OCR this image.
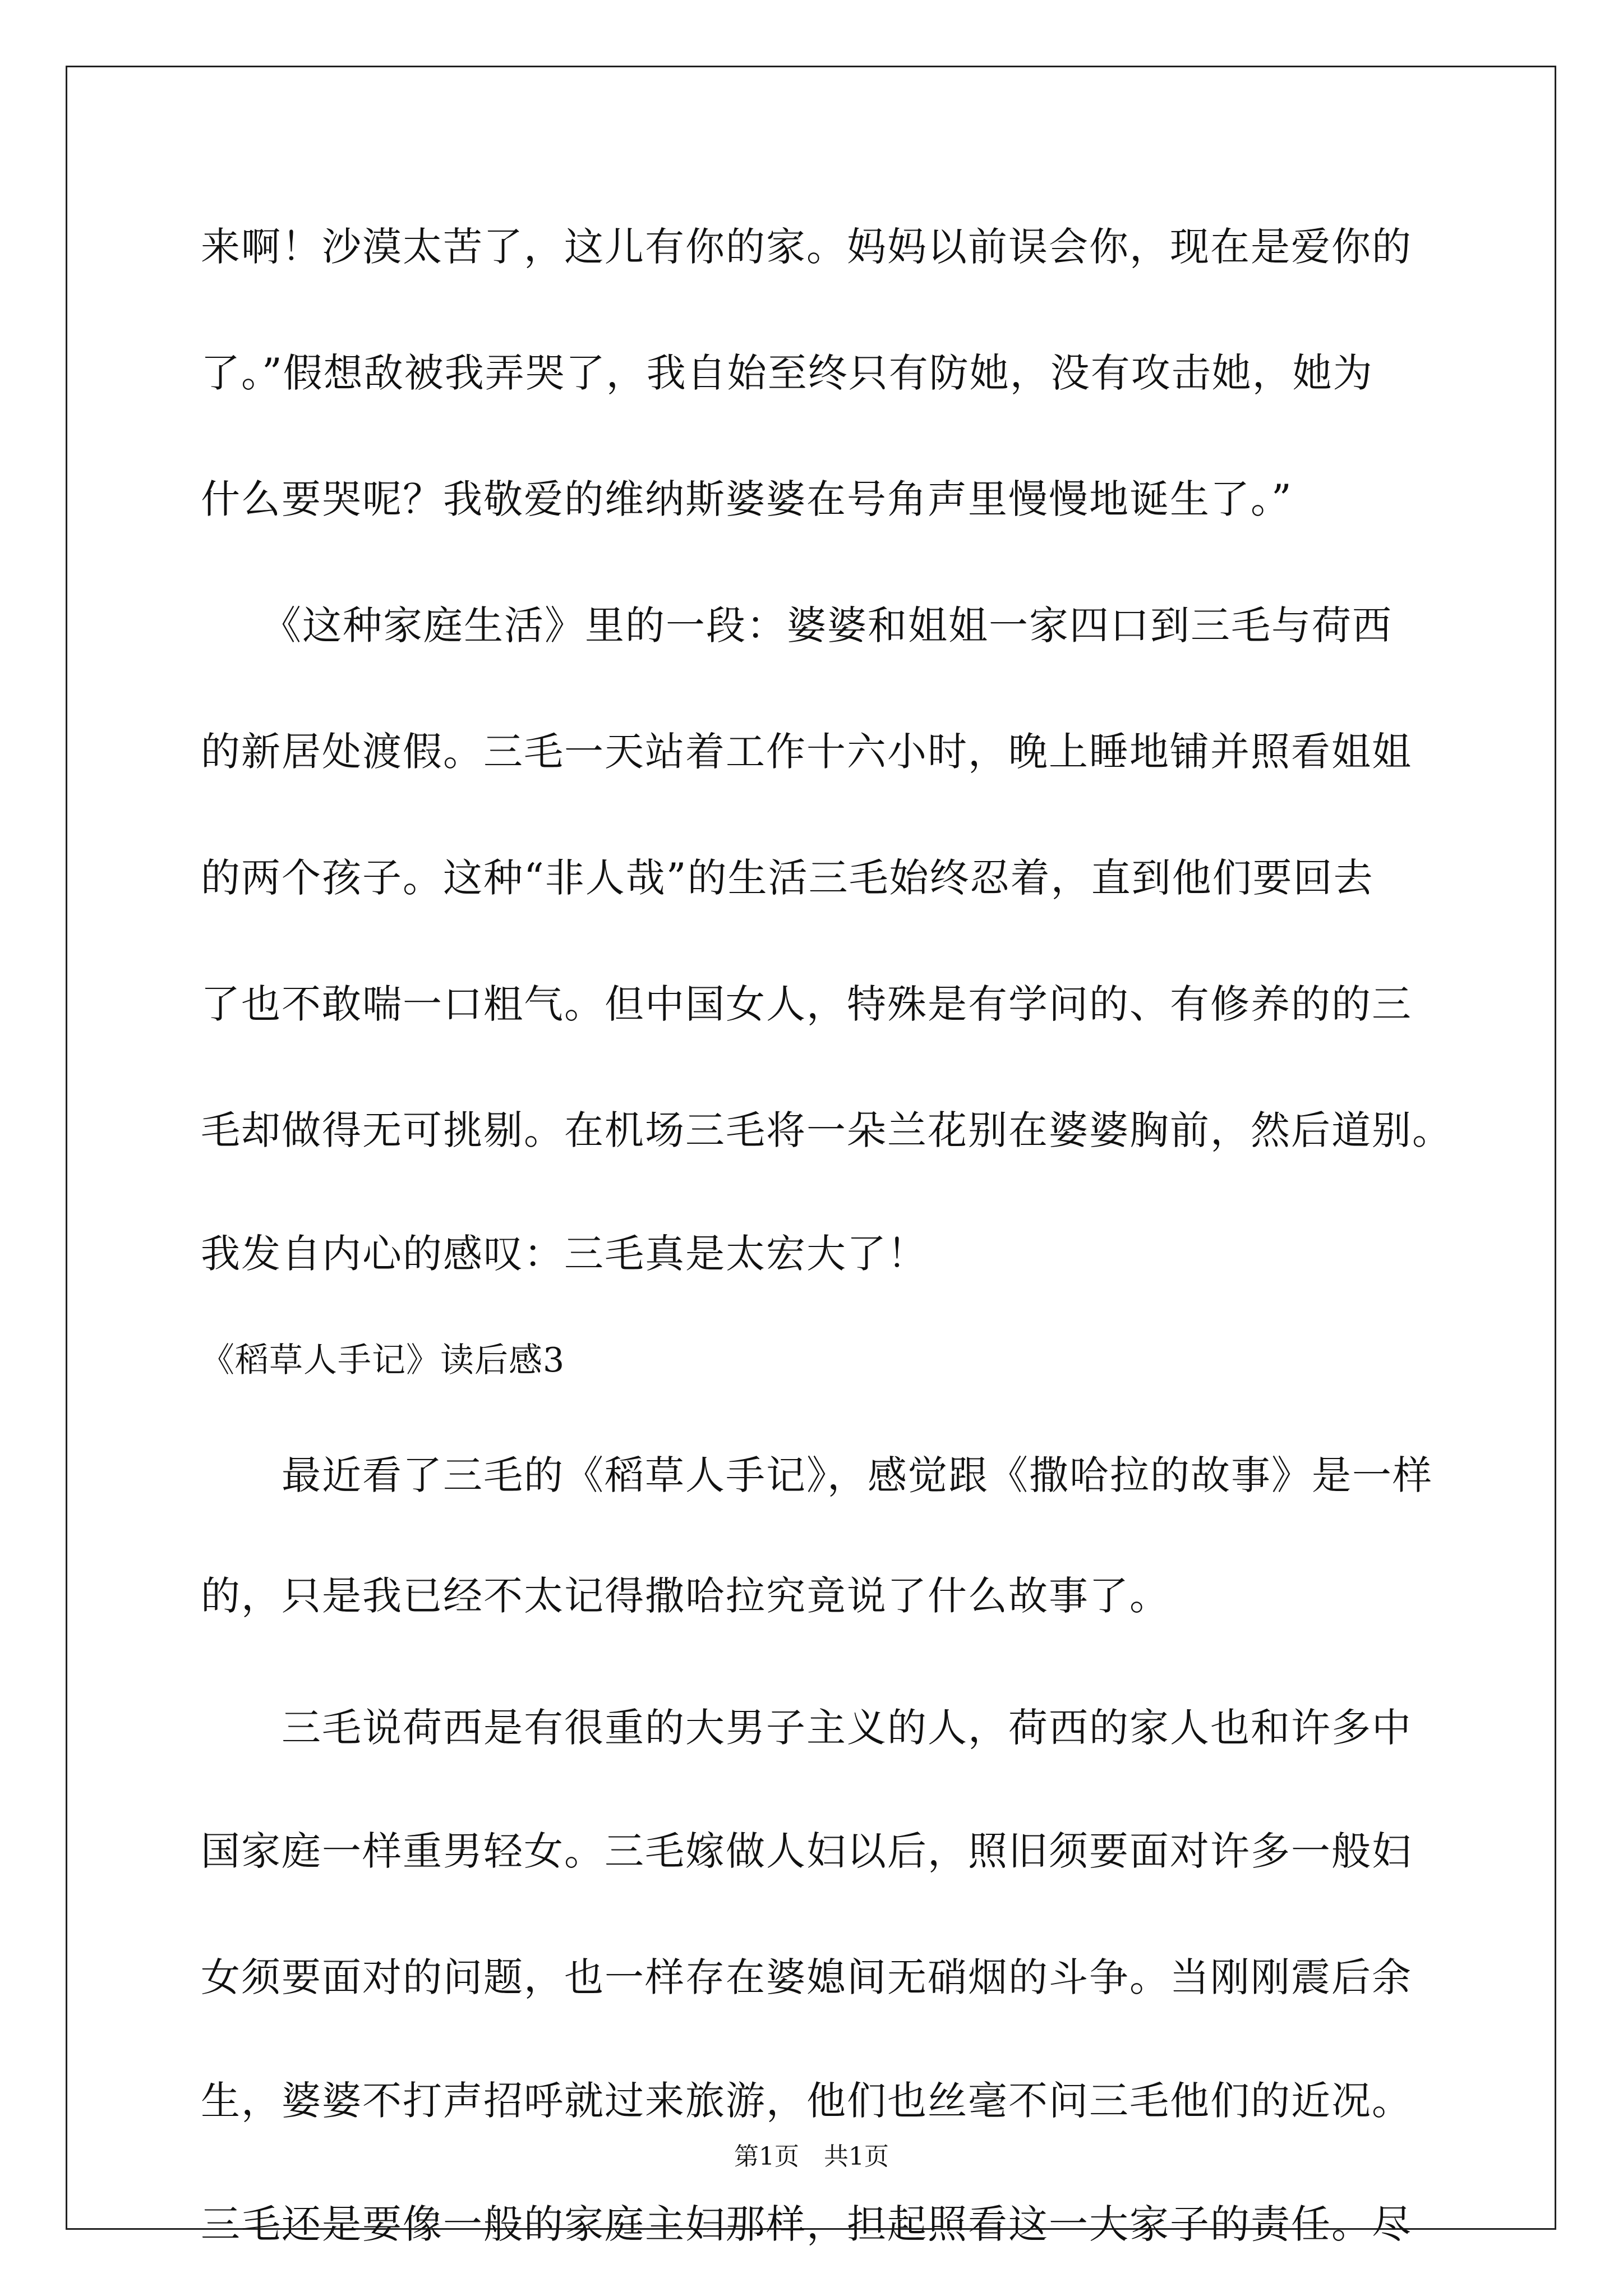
来啊！沙漠太苦了，这儿有你的家。妈妈以前误会你，现在是爱你的
了。”假想敌被我弄哭了，我自始至终只有防她，没有攻击她，她为
什么要哭呢？我敬爱的维纳斯婆婆在号角声里慢慢地诞生了。”
　　《这种家庭生活》里的一段：婆婆和姐姐一家四口到三毛与荷西
的新居处渡假。三毛一天站着工作十六小时，晚上睡地铺并照看姐姐
的两个孩子。这种“非人哉”的生活三毛始终忍着，直到他们要回去
了也不敢喘一口粗气。但中国女人，特殊是有学问的、有修养的的三
毛却做得无可挑剔。在机场三毛将一朵兰花别在婆婆胸前，然后道别。
我发自内心的感叹：三毛真是太宏大了！
《稻草人手记》读后感3
　　最近看了三毛的《稻草人手记》，感觉跟《撒哈拉的故事》是一样
的，只是我已经不太记得撒哈拉究竟说了什么故事了。
　　三毛说荷西是有很重的大男子主义的人，荷西的家人也和许多中
国家庭一样重男轻女。三毛嫁做人妇以后，照旧须要面对许多一般妇
女须要面对的问题，也一样存在婆媳间无硝烟的斗争。当刚刚震后余
生，婆婆不打声招呼就过来旅游，他们也丝毫不问三毛他们的近况。
三毛还是要像一般的家庭主妇那样，担起照看这一大家子的责任。尽
第1页　共1页
